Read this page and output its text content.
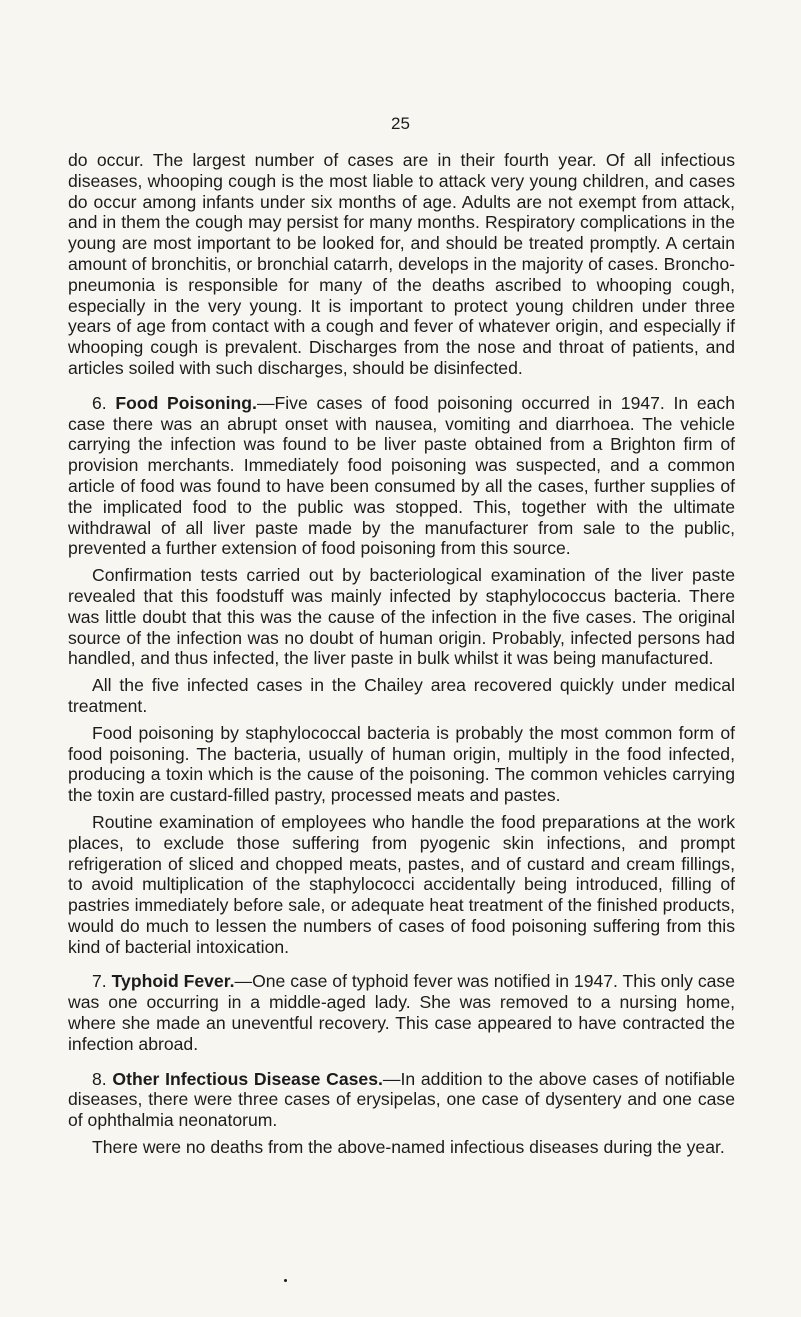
25

do occur. The largest number of cases are in their fourth year. Of all infectious diseases, whooping cough is the most liable to attack very young children, and cases do occur among infants under six months of age. Adults are not exempt from attack, and in them the cough may persist for many months. Respiratory complications in the young are most important to be looked for, and should be treated promptly. A certain amount of bronchitis, or bronchial catarrh, develops in the majority of cases. Broncho-pneumonia is responsible for many of the deaths ascribed to whooping cough, especially in the very young. It is important to protect young children under three years of age from contact with a cough and fever of whatever origin, and especially if whooping cough is prevalent. Discharges from the nose and throat of patients, and articles soiled with such discharges, should be disinfected.

6. Food Poisoning.—Five cases of food poisoning occurred in 1947. In each case there was an abrupt onset with nausea, vomiting and diarrhoea. The vehicle carrying the infection was found to be liver paste obtained from a Brighton firm of provision merchants. Immediately food poisoning was suspected, and a common article of food was found to have been consumed by all the cases, further supplies of the implicated food to the public was stopped. This, together with the ultimate withdrawal of all liver paste made by the manufacturer from sale to the public, prevented a further extension of food poisoning from this source.

Confirmation tests carried out by bacteriological examination of the liver paste revealed that this foodstuff was mainly infected by staphylococcus bacteria. There was little doubt that this was the cause of the infection in the five cases. The original source of the infection was no doubt of human origin. Probably, infected persons had handled, and thus infected, the liver paste in bulk whilst it was being manufactured.

All the five infected cases in the Chailey area recovered quickly under medical treatment.

Food poisoning by staphylococcal bacteria is probably the most common form of food poisoning. The bacteria, usually of human origin, multiply in the food infected, producing a toxin which is the cause of the poisoning. The common vehicles carrying the toxin are custard-filled pastry, processed meats and pastes.

Routine examination of employees who handle the food preparations at the work places, to exclude those suffering from pyogenic skin infections, and prompt refrigeration of sliced and chopped meats, pastes, and of custard and cream fillings, to avoid multiplication of the staphylococci accidentally being introduced, filling of pastries immediately before sale, or adequate heat treatment of the finished products, would do much to lessen the numbers of cases of food poisoning suffering from this kind of bacterial intoxication.

7. Typhoid Fever.—One case of typhoid fever was notified in 1947. This only case was one occurring in a middle-aged lady. She was removed to a nursing home, where she made an uneventful recovery. This case appeared to have contracted the infection abroad.

8. Other Infectious Disease Cases.—In addition to the above cases of notifiable diseases, there were three cases of erysipelas, one case of dysentery and one case of ophthalmia neonatorum.

There were no deaths from the above-named infectious diseases during the year.
